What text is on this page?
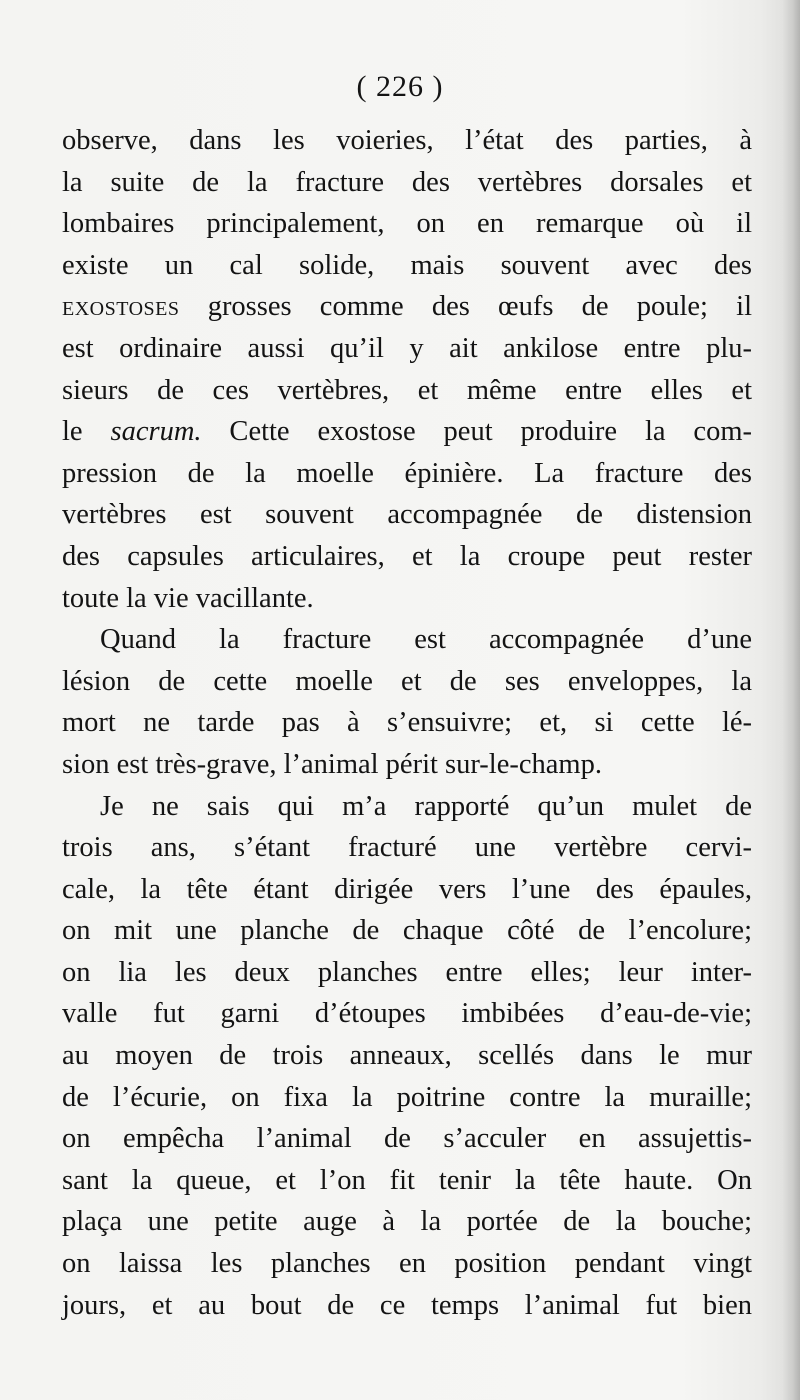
( 226 )
observe, dans les voieries, l’état des parties, à
la suite de la fracture des vertèbres dorsales et
lombaires principalement, on en remarque où il
existe un cal solide, mais souvent avec des
exostoses grosses comme des œufs de poule; il
est ordinaire aussi qu’il y ait ankilose entre plu-
sieurs de ces vertèbres, et même entre elles et
le sacrum. Cette exostose peut produire la com-
pression de la moelle épinière. La fracture des
vertèbres est souvent accompagnée de distension
des capsules articulaires, et la croupe peut rester
toute la vie vacillante.
Quand la fracture est accompagnée d’une
lésion de cette moelle et de ses enveloppes, la
mort ne tarde pas à s’ensuivre; et, si cette lé-
sion est très-grave, l’animal périt sur-le-champ.
Je ne sais qui m’a rapporté qu’un mulet de
trois ans, s’étant fracturé une vertèbre cervi-
cale, la tête étant dirigée vers l’une des épaules,
on mit une planche de chaque côté de l’encolure;
on lia les deux planches entre elles; leur inter-
valle fut garni d’étoupes imbibées d’eau-de-vie;
au moyen de trois anneaux, scellés dans le mur
de l’écurie, on fixa la poitrine contre la muraille;
on empêcha l’animal de s’acculer en assujettis-
sant la queue, et l’on fit tenir la tête haute. On
plaça une petite auge à la portée de la bouche;
on laissa les planches en position pendant vingt
jours, et au bout de ce temps l’animal fut bien
